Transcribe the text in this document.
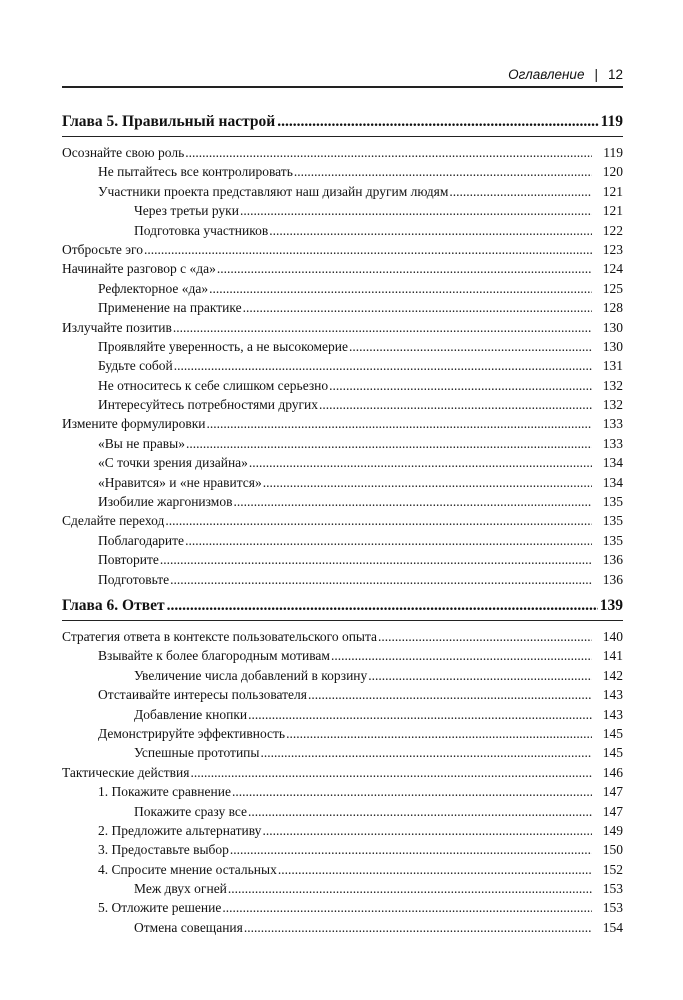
Оглавление | 12
Глава 5. Правильный настрой .....	119
Осознайте свою роль .....	119
Не пытайтесь все контролировать .....	120
Участники проекта представляют наш дизайн другим людям .....	121
Через третьи руки .....	121
Подготовка участников .....	122
Отбросьте эго .....	123
Начинайте разговор с «да» .....	124
Рефлекторное «да» .....	125
Применение на практике .....	128
Излучайте позитив .....	130
Проявляйте уверенность, а не высокомерие .....	130
Будьте собой .....	131
Не относитесь к себе слишком серьезно .....	132
Интересуйтесь потребностями других .....	132
Измените формулировки .....	133
«Вы не правы» .....	133
«С точки зрения дизайна» .....	134
«Нравится» и «не нравится» .....	134
Изобилие жаргонизмов .....	135
Сделайте переход .....	135
Поблагодарите .....	135
Повторите .....	136
Подготовьте .....	136
Глава 6. Ответ .....	139
Стратегия ответа в контексте пользовательского опыта .....	140
Взывайте к более благородным мотивам .....	141
Увеличение числа добавлений в корзину .....	142
Отстаивайте интересы пользователя .....	143
Добавление кнопки .....	143
Демонстрируйте эффективность .....	145
Успешные прототипы .....	145
Тактические действия .....	146
1. Покажите сравнение .....	147
Покажите сразу все .....	147
2. Предложите альтернативу .....	149
3. Предоставьте выбор .....	150
4. Спросите мнение остальных .....	152
Меж двух огней .....	153
5. Отложите решение .....	153
Отмена совещания .....	154
